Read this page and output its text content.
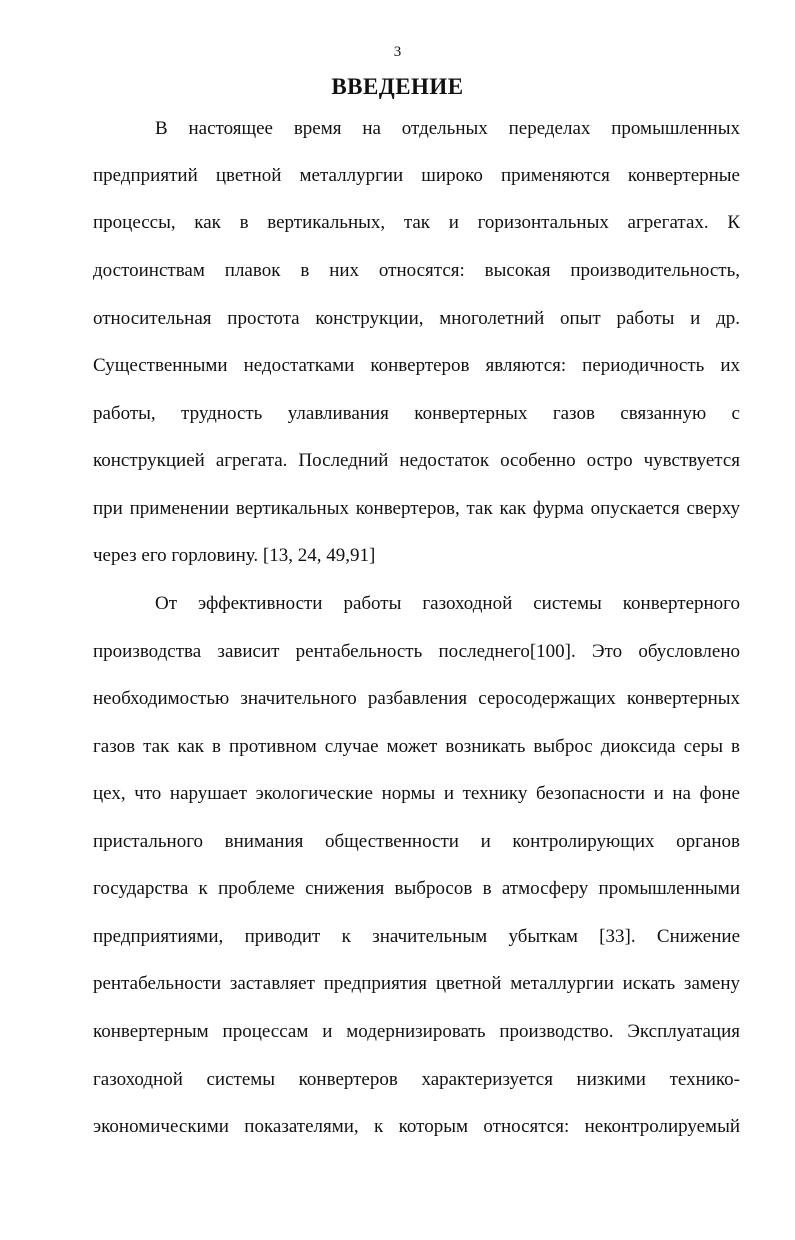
3
ВВЕДЕНИЕ
В настоящее время на отдельных переделах промышленных
предприятий цветной металлургии широко применяются конвертерные
процессы, как в вертикальных, так и горизонтальных агрегатах. К
достоинствам плавок в них относятся: высокая производительность,
относительная простота конструкции, многолетний опыт работы и др.
Существенными недостатками конвертеров являются: периодичность их
работы, трудность улавливания конвертерных газов связанную с
конструкцией агрегата. Последний недостаток особенно остро чувствуется
при применении вертикальных конвертеров, так как фурма опускается сверху
через его горловину. [13, 24, 49,91]
От эффективности работы газоходной системы конвертерного
производства зависит рентабельность последнего[100]. Это обусловлено
необходимостью значительного разбавления серосодержащих конвертерных
газов так как в противном случае может возникать выброс диоксида серы в
цех, что нарушает экологические нормы и технику безопасности и на фоне
пристального внимания общественности и контролирующих органов
государства к проблеме снижения выбросов в атмосферу промышленными
предприятиями, приводит к значительным убыткам [33]. Снижение
рентабельности заставляет предприятия цветной металлургии искать замену
конвертерным процессам и модернизировать производство. Эксплуатация
газоходной системы конвертеров характеризуется низкими технико-
экономическими показателями, к которым относятся: неконтролируемый
